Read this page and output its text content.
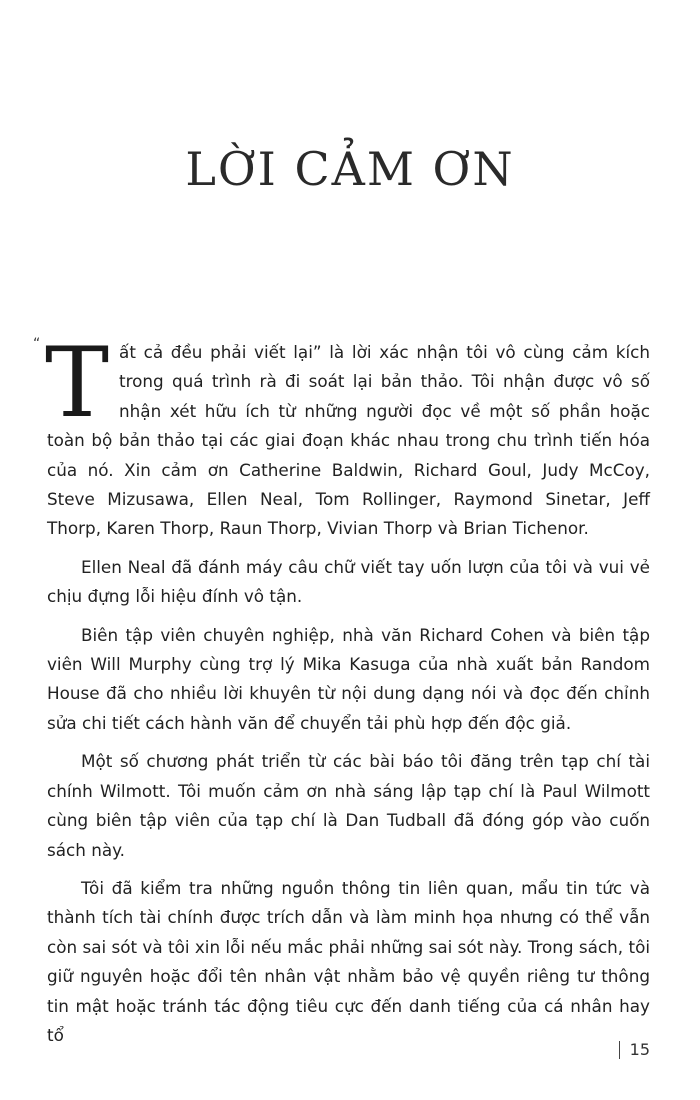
LỜI CẢM ƠN

“ T ất cả đều phải viết lại” là lời xác nhận tôi vô cùng cảm kích trong quá trình rà đi soát lại bản thảo. Tôi nhận được vô số nhận xét hữu ích từ những người đọc về một số phần hoặc toàn bộ bản thảo tại các giai đoạn khác nhau trong chu trình tiến hóa của nó. Xin cảm ơn Catherine Baldwin, Richard Goul, Judy McCoy, Steve Mizusawa, Ellen Neal, Tom Rollinger, Raymond Sinetar, Jeff Thorp, Karen Thorp, Raun Thorp, Vivian Thorp và Brian Tichenor.

Ellen Neal đã đánh máy câu chữ viết tay uốn lượn của tôi và vui vẻ chịu đựng lỗi hiệu đính vô tận.

Biên tập viên chuyên nghiệp, nhà văn Richard Cohen và biên tập viên Will Murphy cùng trợ lý Mika Kasuga của nhà xuất bản Random House đã cho nhiều lời khuyên từ nội dung dạng nói và đọc đến chỉnh sửa chi tiết cách hành văn để chuyển tải phù hợp đến độc giả.

Một số chương phát triển từ các bài báo tôi đăng trên tạp chí tài chính Wilmott. Tôi muốn cảm ơn nhà sáng lập tạp chí là Paul Wilmott cùng biên tập viên của tạp chí là Dan Tudball đã đóng góp vào cuốn sách này.

Tôi đã kiểm tra những nguồn thông tin liên quan, mẩu tin tức và thành tích tài chính được trích dẫn và làm minh họa nhưng có thể vẫn còn sai sót và tôi xin lỗi nếu mắc phải những sai sót này. Trong sách, tôi giữ nguyên hoặc đổi tên nhân vật nhằm bảo vệ quyền riêng tư thông tin mật hoặc tránh tác động tiêu cực đến danh tiếng của cá nhân hay tổ

15
